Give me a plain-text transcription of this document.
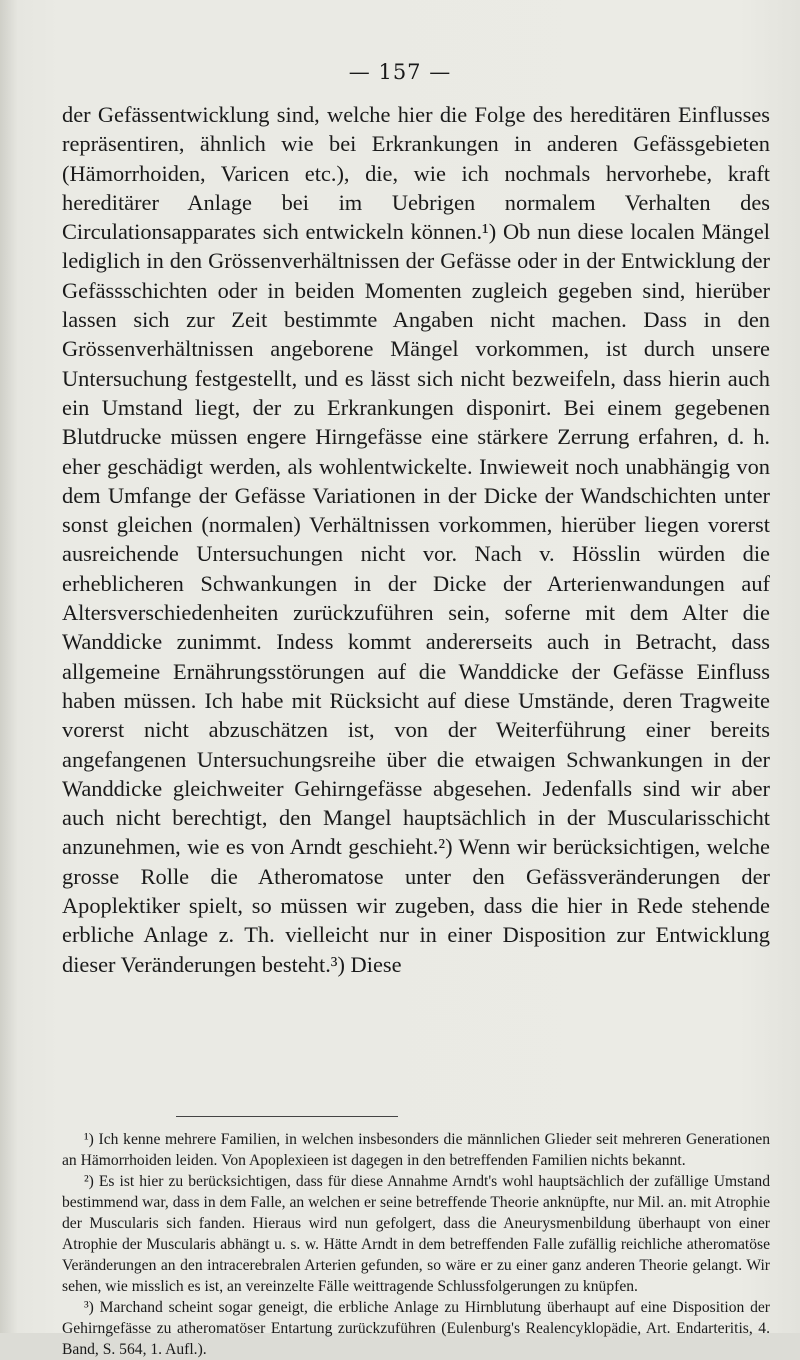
— 157 —

der Gefässentwicklung sind, welche hier die Folge des hereditären Einflusses repräsentiren, ähnlich wie bei Erkrankungen in anderen Gefässgebieten (Hämorrhoiden, Varicen etc.), die, wie ich nochmals hervorhebe, kraft hereditärer Anlage bei im Uebrigen normalem Verhalten des Circulationsapparates sich entwickeln können.¹) Ob nun diese localen Mängel lediglich in den Grössenverhältnissen der Gefässe oder in der Entwicklung der Gefässschichten oder in beiden Momenten zugleich gegeben sind, hierüber lassen sich zur Zeit bestimmte Angaben nicht machen. Dass in den Grössenverhältnissen angeborene Mängel vorkommen, ist durch unsere Untersuchung festgestellt, und es lässt sich nicht bezweifeln, dass hierin auch ein Umstand liegt, der zu Erkrankungen disponirt. Bei einem gegebenen Blutdrucke müssen engere Hirngefässe eine stärkere Zerrung erfahren, d. h. eher geschädigt werden, als wohlentwickelte. Inwieweit noch unabhängig von dem Umfange der Gefässe Variationen in der Dicke der Wandschichten unter sonst gleichen (normalen) Verhältnissen vorkommen, hierüber liegen vorerst ausreichende Untersuchungen nicht vor. Nach v. Hösslin würden die erheblicheren Schwankungen in der Dicke der Arterienwandungen auf Altersverschiedenheiten zurückzuführen sein, soferne mit dem Alter die Wanddicke zunimmt. Indess kommt andererseits auch in Betracht, dass allgemeine Ernährungsstörungen auf die Wanddicke der Gefässe Einfluss haben müssen. Ich habe mit Rücksicht auf diese Umstände, deren Tragweite vorerst nicht abzuschätzen ist, von der Weiterführung einer bereits angefangenen Untersuchungsreihe über die etwaigen Schwankungen in der Wanddicke gleichweiter Gehirngefässe abgesehen. Jedenfalls sind wir aber auch nicht berechtigt, den Mangel hauptsächlich in der Muscularisschicht anzunehmen, wie es von Arndt geschieht.²) Wenn wir berücksichtigen, welche grosse Rolle die Atheromatose unter den Gefässveränderungen der Apoplektiker spielt, so müssen wir zugeben, dass die hier in Rede stehende erbliche Anlage z. Th. vielleicht nur in einer Disposition zur Entwicklung dieser Veränderungen besteht.³) Diese

¹) Ich kenne mehrere Familien, in welchen insbesonders die männlichen Glieder seit mehreren Generationen an Hämorrhoiden leiden. Von Apoplexieen ist dagegen in den betreffenden Familien nichts bekannt.

²) Es ist hier zu berücksichtigen, dass für diese Annahme Arndt's wohl hauptsächlich der zufällige Umstand bestimmend war, dass in dem Falle, an welchen er seine betreffende Theorie anknüpfte, nur Mil. an. mit Atrophie der Muscularis sich fanden. Hieraus wird nun gefolgert, dass die Aneurysmenbildung überhaupt von einer Atrophie der Muscularis abhängt u. s. w. Hätte Arndt in dem betreffenden Falle zufällig reichliche atheromatöse Veränderungen an den intracerebralen Arterien gefunden, so wäre er zu einer ganz anderen Theorie gelangt. Wir sehen, wie misslich es ist, an vereinzelte Fälle weittragende Schlussfolgerungen zu knüpfen.

³) Marchand scheint sogar geneigt, die erbliche Anlage zu Hirnblutung überhaupt auf eine Disposition der Gehirngefässe zu atheromatöser Entartung zurückzuführen (Eulenburg's Realencyklopädie, Art. Endarteritis, 4. Band, S. 564, 1. Aufl.).
